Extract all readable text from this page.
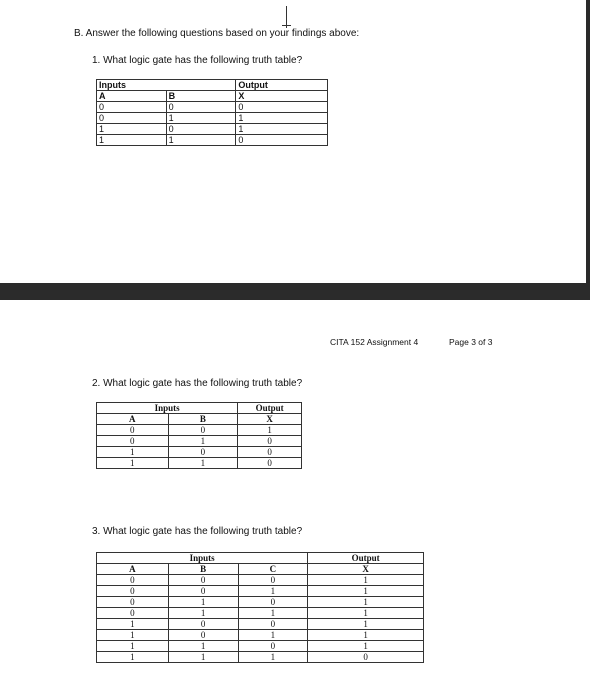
B. Answer the following questions based on your findings above:
1. What logic gate has the following truth table?
Inputs		Output
A	B	X
0	0	0
0	1	1
1	0	1
1	1	0
CITA 152 Assignment 4	Page 3 of 3
2. What logic gate has the following truth table?
Inputs		Output
A	B	X
0	0	1
0	1	0
1	0	0
1	1	0
3. What logic gate has the following truth table?
Inputs			Output
A	B	C	X
0	0	0	1
0	0	1	1
0	1	0	1
0	1	1	1
1	0	0	1
1	0	1	1
1	1	0	1
1	1	1	0
